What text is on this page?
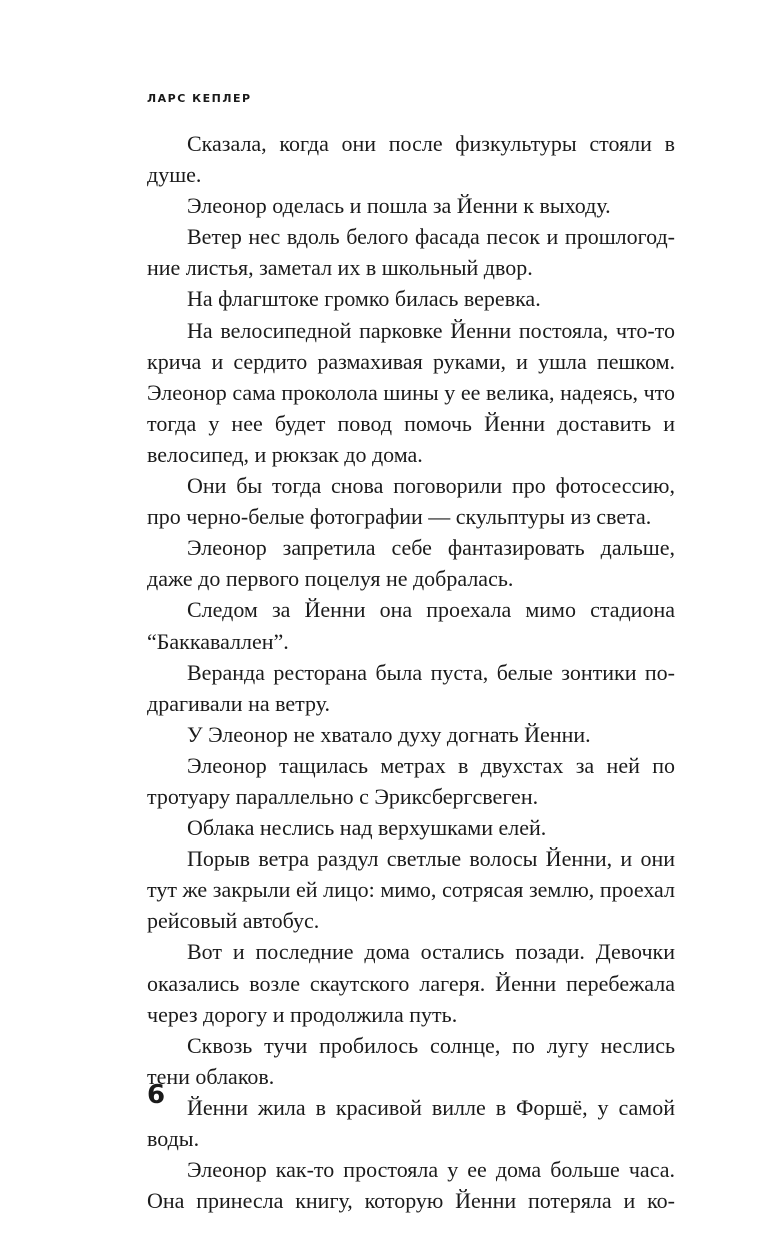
ЛАРС КЕПЛЕР

Сказала, когда они после физкультуры стояли в душе.

Элеонор оделась и пошла за Йенни к выходу.

Ветер нес вдоль белого фасада песок и прошлогодние листья, заметал их в школьный двор.

На флагштоке громко билась веревка.

На велосипедной парковке Йенни постояла, что-то крича и сердито размахивая руками, и ушла пешком. Элеонор сама проколола шины у ее велика, надеясь, что тогда у нее будет повод помочь Йенни доставить и велосипед, и рюкзак до дома.

Они бы тогда снова поговорили про фотосессию, про черно-белые фотографии — скульптуры из света.

Элеонор запретила себе фантазировать дальше, даже до первого поцелуя не добралась.

Следом за Йенни она проехала мимо стадиона “Баккаваллен”.

Веранда ресторана была пуста, белые зонтики подрагивали на ветру.

У Элеонор не хватало духу догнать Йенни.

Элеонор тащилась метрах в двухстах за ней по тротуару параллельно с Эриксбергсвеген.

Облака неслись над верхушками елей.

Порыв ветра раздул светлые волосы Йенни, и они тут же закрыли ей лицо: мимо, сотрясая землю, проехал рейсовый автобус.

Вот и последние дома остались позади. Девочки оказались возле скаутского лагеря. Йенни перебежала через дорогу и продолжила путь.

Сквозь тучи пробилось солнце, по лугу неслись тени облаков.

Йенни жила в красивой вилле в Форшё, у самой воды.

Элеонор как-то простояла у ее дома больше часа. Она принесла книгу, которую Йенни потеряла и ко-

6
